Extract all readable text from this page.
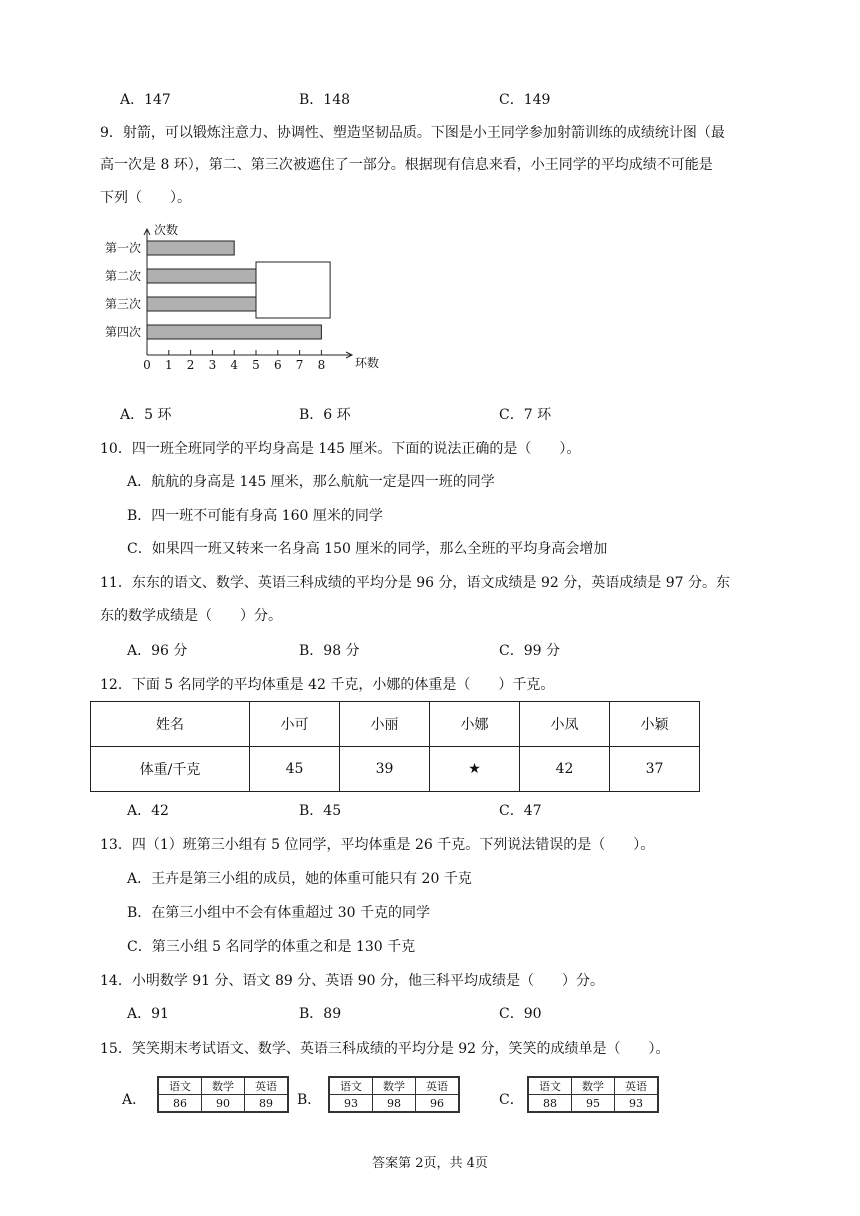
A．147	B．148	C．149
9．射箭，可以锻炼注意力、协调性、塑造坚韧品质。下图是小王同学参加射箭训练的成绩统计图（最
高一次是 8 环），第二、第三次被遮住了一部分。根据现有信息来看，小王同学的平均成绩不可能是
下列（　　）。
次数
环数
0 1 2 3 4 5 6 7 8
第一次
第二次
第三次
第四次
A．5 环	B．6 环	C．7 环
10．四一班全班同学的平均身高是 145 厘米。下面的说法正确的是（　　）。
A．航航的身高是 145 厘米，那么航航一定是四一班的同学
B．四一班不可能有身高 160 厘米的同学
C．如果四一班又转来一名身高 150 厘米的同学，那么全班的平均身高会增加
11．东东的语文、数学、英语三科成绩的平均分是 96 分，语文成绩是 92 分，英语成绩是 97 分。东
东的数学成绩是（　　）分。
A．96 分	B．98 分	C．99 分
12．下面 5 名同学的平均体重是 42 千克，小娜的体重是（　　）千克。
姓名	小可	小丽	小娜	小凤	小颖
体重/千克	45	39	★	42	37
A．42	B．45	C．47
13．四（1）班第三小组有 5 位同学，平均体重是 26 千克。下列说法错误的是（　　）。
A．王卉是第三小组的成员，她的体重可能只有 20 千克
B．在第三小组中不会有体重超过 30 千克的同学
C．第三小组 5 名同学的体重之和是 130 千克
14．小明数学 91 分、语文 89 分、英语 90 分，他三科平均成绩是（　　）分。
A．91	B．89	C．90
15．笑笑期末考试语文、数学、英语三科成绩的平均分是 92 分，笑笑的成绩单是（　　）。
A．
语文	数学	英语
86	90	89 B．
语文	数学	英语
93	98	96	C．
语文	数学	英语
88	95	93
答案第 2页，共 4页
